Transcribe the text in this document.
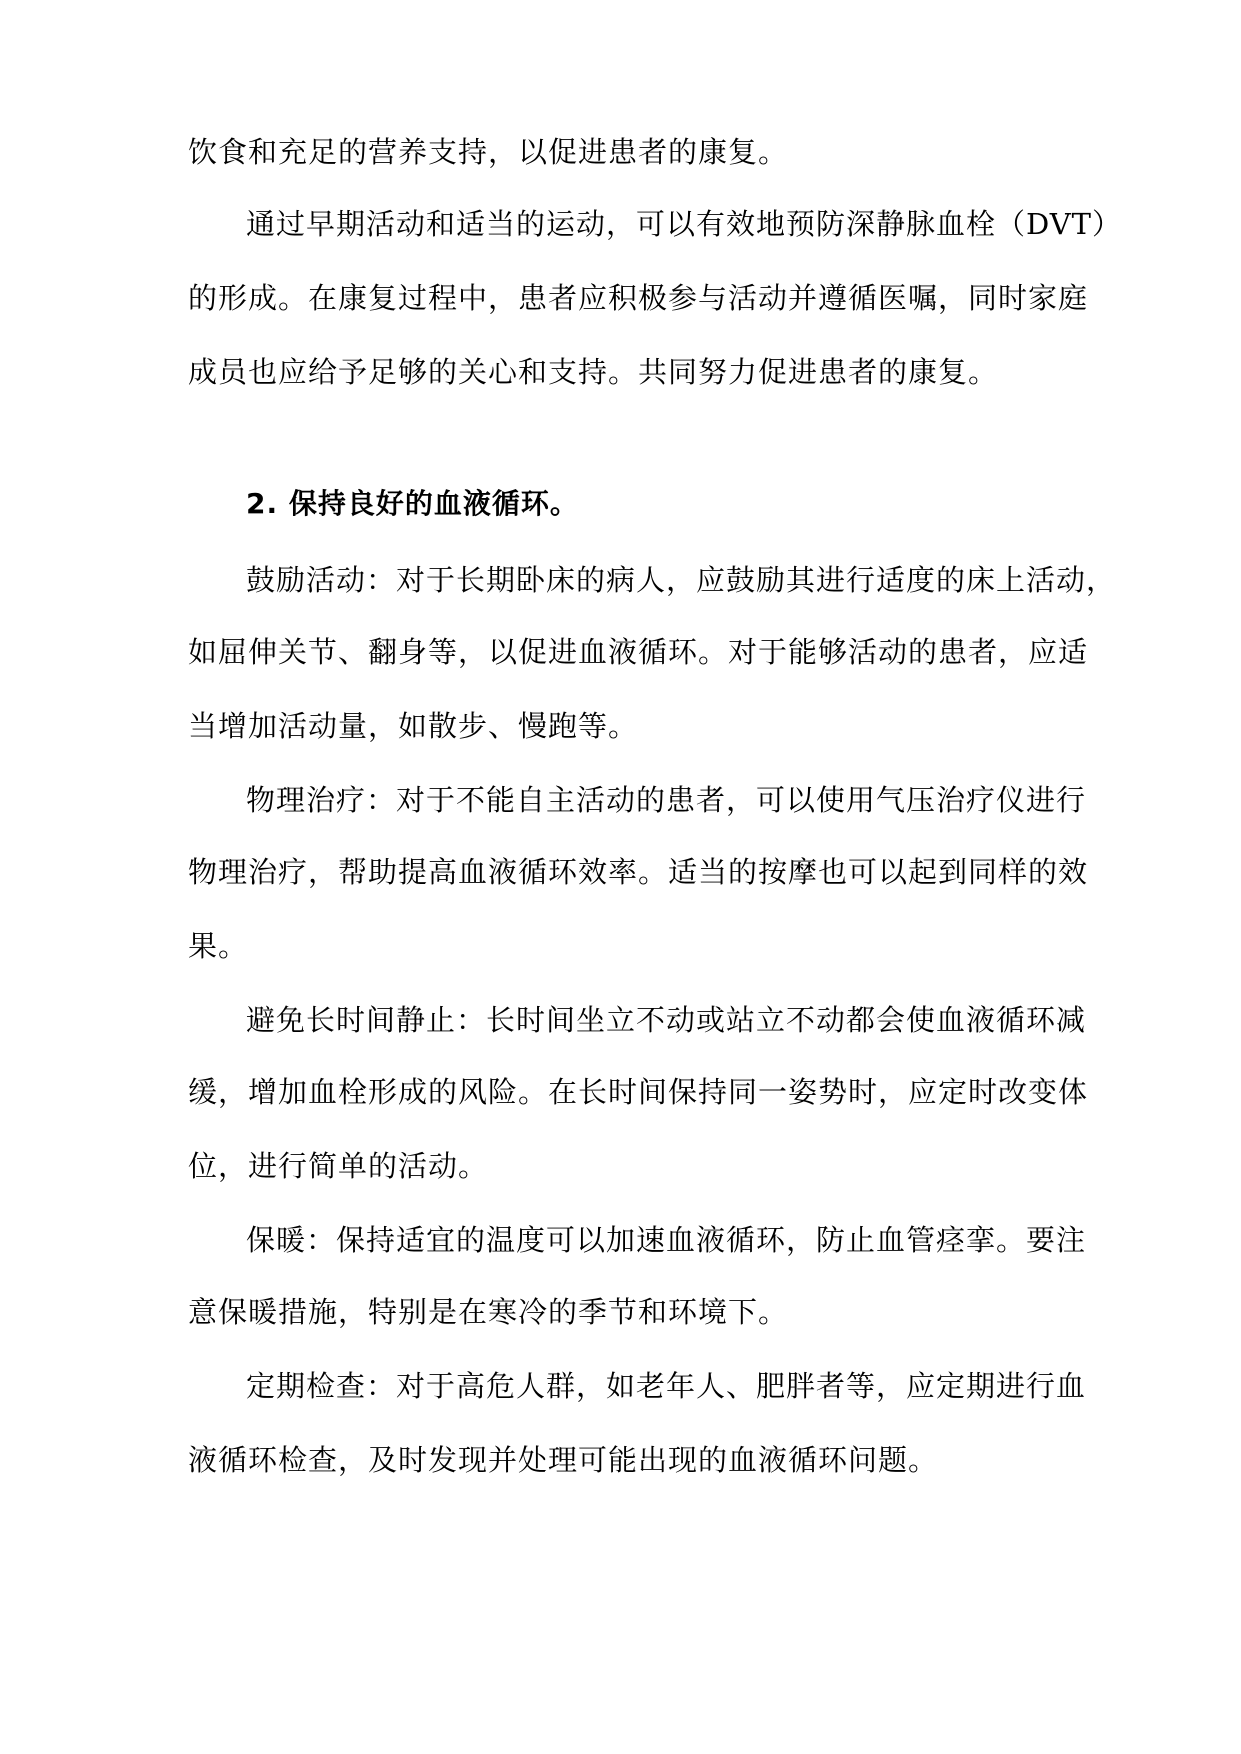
饮食和充足的营养支持，以促进患者的康复。
通过早期活动和适当的运动，可以有效地预防深静脉血栓（DVT）
的形成。在康复过程中，患者应积极参与活动并遵循医嘱，同时家庭
成员也应给予足够的关心和支持。共同努力促进患者的康复。
2. 保持良好的血液循环。
鼓励活动：对于长期卧床的病人，应鼓励其进行适度的床上活动，
如屈伸关节、翻身等，以促进血液循环。对于能够活动的患者，应适
当增加活动量，如散步、慢跑等。
物理治疗：对于不能自主活动的患者，可以使用气压治疗仪进行
物理治疗，帮助提高血液循环效率。适当的按摩也可以起到同样的效
果。
避免长时间静止：长时间坐立不动或站立不动都会使血液循环减
缓，增加血栓形成的风险。在长时间保持同一姿势时，应定时改变体
位，进行简单的活动。
保暖：保持适宜的温度可以加速血液循环，防止血管痉挛。要注
意保暖措施，特别是在寒冷的季节和环境下。
定期检查：对于高危人群，如老年人、肥胖者等，应定期进行血
液循环检查，及时发现并处理可能出现的血液循环问题。
